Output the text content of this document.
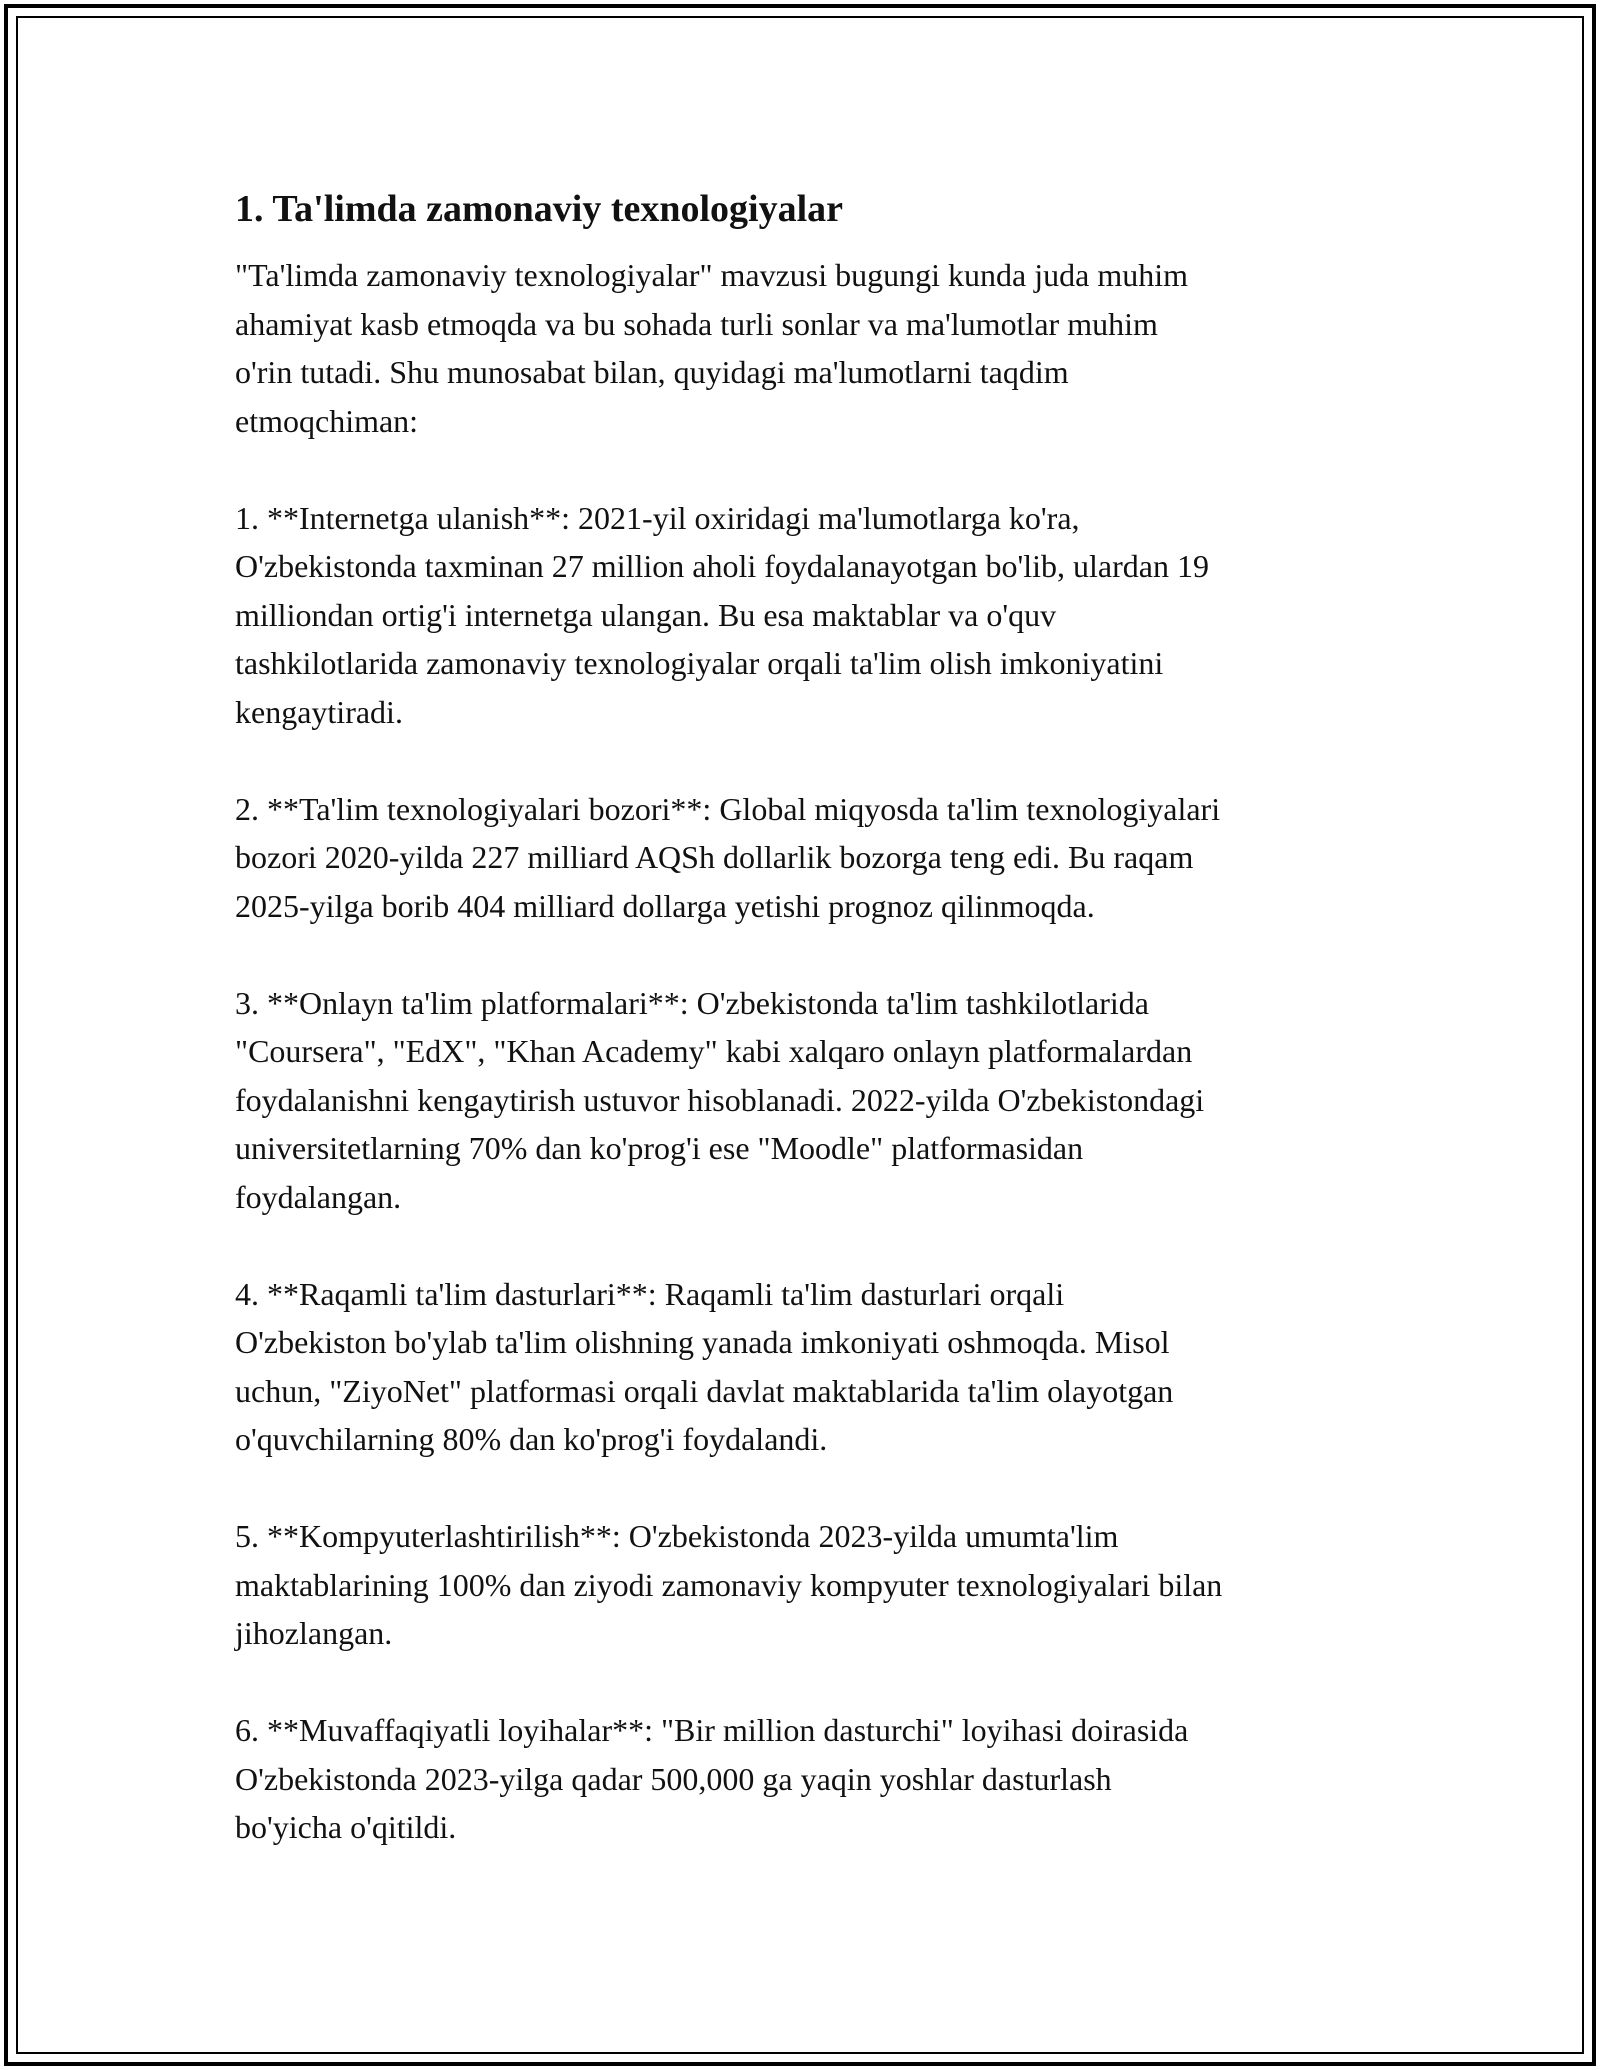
1. Ta'limda zamonaviy texnologiyalar

"Ta'limda zamonaviy texnologiyalar" mavzusi bugungi kunda juda muhim
ahamiyat kasb etmoqda va bu sohada turli sonlar va ma'lumotlar muhim
o'rin tutadi. Shu munosabat bilan, quyidagi ma'lumotlarni taqdim
etmoqchiman:

1. **Internetga ulanish**: 2021-yil oxiridagi ma'lumotlarga ko'ra,
O'zbekistonda taxminan 27 million aholi foydalanayotgan bo'lib, ulardan 19
milliondan ortig'i internetga ulangan. Bu esa maktablar va o'quv
tashkilotlarida zamonaviy texnologiyalar orqali ta'lim olish imkoniyatini
kengaytiradi.

2. **Ta'lim texnologiyalari bozori**: Global miqyosda ta'lim texnologiyalari
bozori 2020-yilda 227 milliard AQSh dollarlik bozorga teng edi. Bu raqam
2025-yilga borib 404 milliard dollarga yetishi prognoz qilinmoqda.

3. **Onlayn ta'lim platformalari**: O'zbekistonda ta'lim tashkilotlarida
"Coursera", "EdX", "Khan Academy" kabi xalqaro onlayn platformalardan
foydalanishni kengaytirish ustuvor hisoblanadi. 2022-yilda O'zbekistondagi
universitetlarning 70% dan ko'prog'i ese "Moodle" platformasidan
foydalangan.

4. **Raqamli ta'lim dasturlari**: Raqamli ta'lim dasturlari orqali
O'zbekiston bo'ylab ta'lim olishning yanada imkoniyati oshmoqda. Misol
uchun, "ZiyoNet" platformasi orqali davlat maktablarida ta'lim olayotgan
o'quvchilarning 80% dan ko'prog'i foydalandi.

5. **Kompyuterlashtirilish**: O'zbekistonda 2023-yilda umumta'lim
maktablarining 100% dan ziyodi zamonaviy kompyuter texnologiyalari bilan
jihozlangan.

6. **Muvaffaqiyatli loyihalar**: "Bir million dasturchi" loyihasi doirasida
O'zbekistonda 2023-yilga qadar 500,000 ga yaqin yoshlar dasturlash
bo'yicha o'qitildi.
